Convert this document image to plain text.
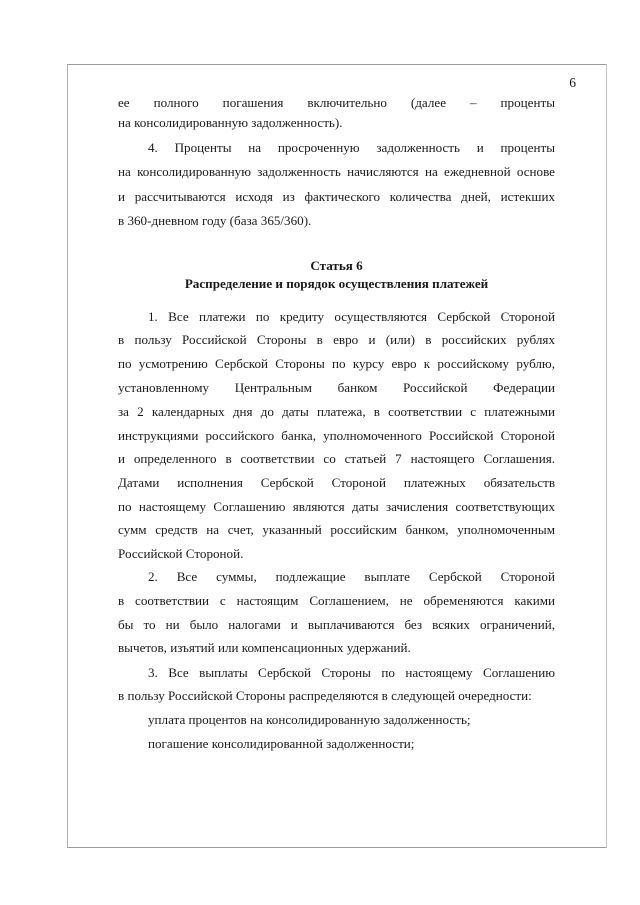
6
ее полного погашения включительно (далее – проценты
на консолидированную задолженность).
4. Проценты на просроченную задолженность и проценты
на консолидированную задолженность начисляются на ежедневной основе
и рассчитываются исходя из фактического количества дней, истекших
в 360-дневном году (база 365/360).
Статья 6
Распределение и порядок осуществления платежей
1. Все платежи по кредиту осуществляются Сербской Стороной
в пользу Российской Стороны в евро и (или) в российских рублях
по усмотрению Сербской Стороны по курсу евро к российскому рублю,
установленному Центральным банком Российской Федерации
за 2 календарных дня до даты платежа, в соответствии с платежными
инструкциями российского банка, уполномоченного Российской Стороной
и определенного в соответствии со статьей 7 настоящего Соглашения.
Датами исполнения Сербской Стороной платежных обязательств
по настоящему Соглашению являются даты зачисления соответствующих
сумм средств на счет, указанный российским банком, уполномоченным
Российской Стороной.
2. Все суммы, подлежащие выплате Сербской Стороной
в соответствии с настоящим Соглашением, не обременяются какими
бы то ни было налогами и выплачиваются без всяких ограничений,
вычетов, изъятий или компенсационных удержаний.
3. Все выплаты Сербской Стороны по настоящему Соглашению
в пользу Российской Стороны распределяются в следующей очередности:
уплата процентов на консолидированную задолженность;
погашение консолидированной задолженности;
